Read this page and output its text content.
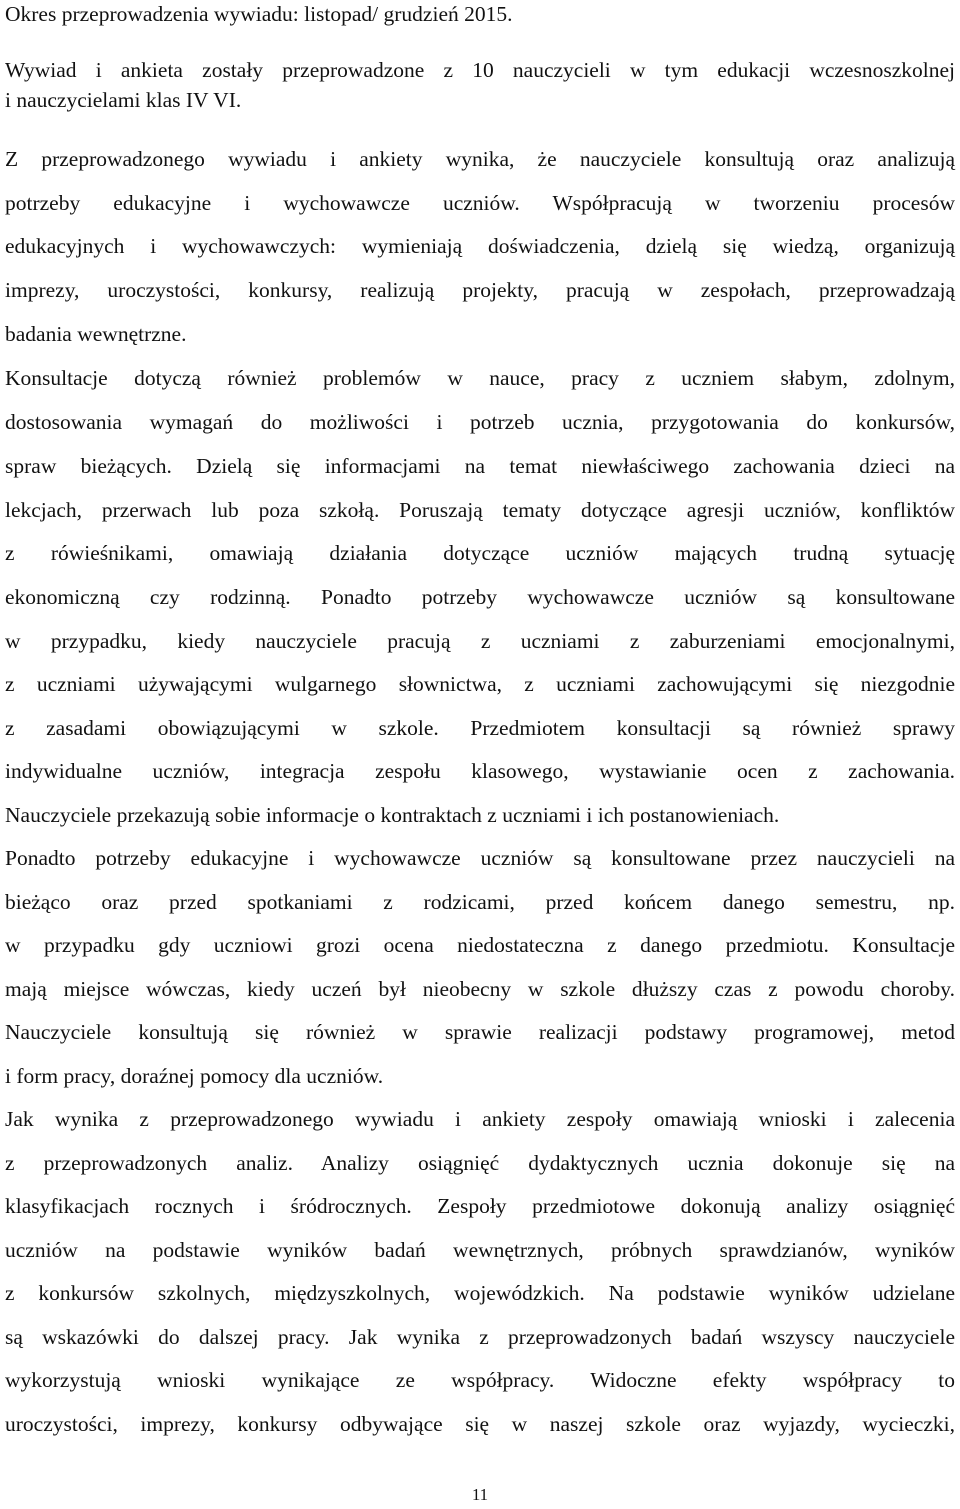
Okres przeprowadzenia wywiadu: listopad/ grudzień 2015.
Wywiad i ankieta zostały przeprowadzone z 10 nauczycieli w tym edukacji wczesnoszkolnej
i nauczycielami klas IV VI.
Z przeprowadzonego wywiadu i ankiety wynika, że nauczyciele konsultują oraz analizują
potrzeby edukacyjne i wychowawcze uczniów. Współpracują w tworzeniu procesów
edukacyjnych i wychowawczych: wymieniają doświadczenia, dzielą się wiedzą, organizują
imprezy, uroczystości, konkursy, realizują projekty, pracują w zespołach, przeprowadzają
badania wewnętrzne.
Konsultacje dotyczą również problemów w nauce, pracy z uczniem słabym, zdolnym,
dostosowania wymagań do możliwości i potrzeb ucznia, przygotowania do konkursów,
spraw bieżących. Dzielą się informacjami na temat niewłaściwego zachowania dzieci na
lekcjach, przerwach lub poza szkołą. Poruszają tematy dotyczące agresji uczniów, konfliktów
z rówieśnikami, omawiają działania dotyczące uczniów mających trudną sytuację
ekonomiczną czy rodzinną. Ponadto potrzeby wychowawcze uczniów są konsultowane
w przypadku, kiedy nauczyciele pracują z uczniami z zaburzeniami emocjonalnymi,
z uczniami używającymi wulgarnego słownictwa, z uczniami zachowującymi się niezgodnie
z zasadami obowiązującymi w szkole. Przedmiotem konsultacji są również sprawy
indywidualne uczniów, integracja zespołu klasowego, wystawianie ocen z zachowania.
Nauczyciele przekazują sobie informacje o kontraktach z uczniami i ich postanowieniach.
Ponadto potrzeby edukacyjne i wychowawcze uczniów są konsultowane przez nauczycieli na
bieżąco oraz przed spotkaniami z rodzicami, przed końcem danego semestru, np.
w przypadku gdy uczniowi grozi ocena niedostateczna z danego przedmiotu. Konsultacje
mają miejsce wówczas, kiedy uczeń był nieobecny w szkole dłuższy czas z powodu choroby.
Nauczyciele konsultują się również w sprawie realizacji podstawy programowej, metod
i form pracy, doraźnej pomocy dla uczniów.
Jak wynika z przeprowadzonego wywiadu i ankiety zespoły omawiają wnioski i zalecenia
z przeprowadzonych analiz. Analizy osiągnięć dydaktycznych ucznia dokonuje się na
klasyfikacjach rocznych i śródrocznych. Zespoły przedmiotowe dokonują analizy osiągnięć
uczniów na podstawie wyników badań wewnętrznych, próbnych sprawdzianów, wyników
z konkursów szkolnych, międzyszkolnych, wojewódzkich. Na podstawie wyników udzielane
są wskazówki do dalszej pracy. Jak wynika z przeprowadzonych badań wszyscy nauczyciele
wykorzystują wnioski wynikające ze współpracy. Widoczne efekty współpracy to
uroczystości, imprezy, konkursy odbywające się w naszej szkole oraz wyjazdy, wycieczki,
11
